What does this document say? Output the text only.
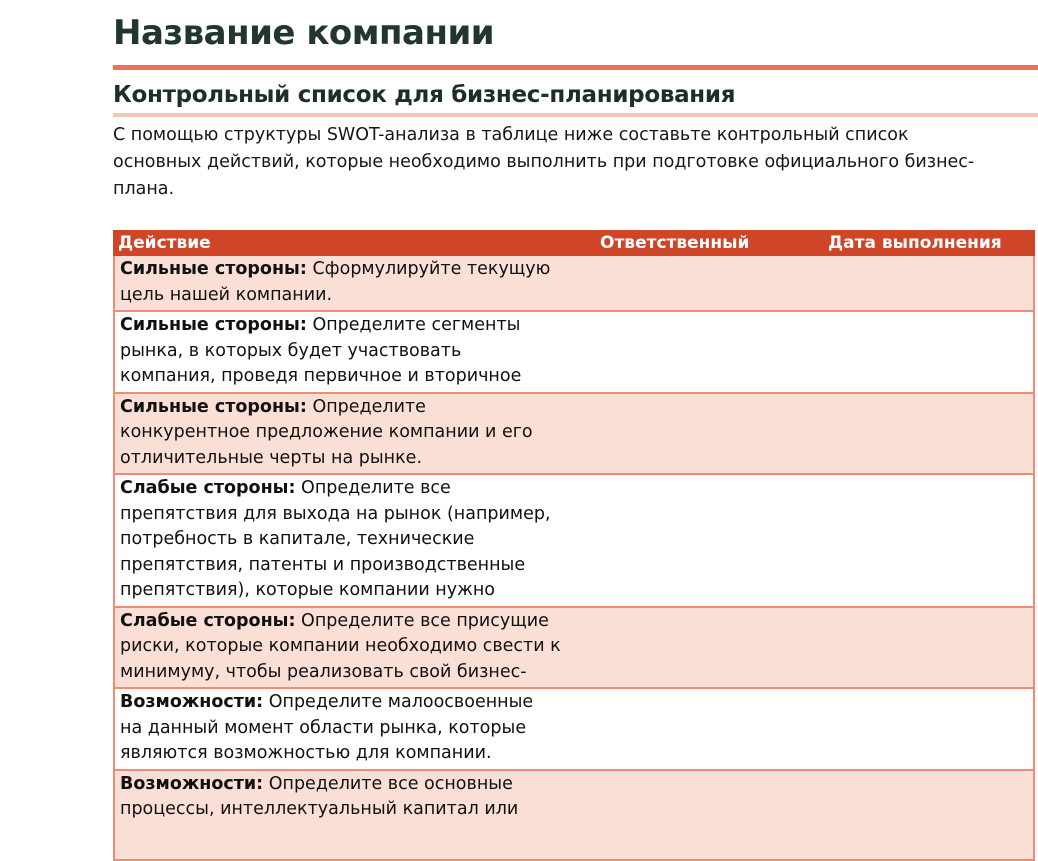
Название компании
Контрольный список для бизнес-планирования
С помощью структуры SWOT-анализа в таблице ниже составьте контрольный список основных действий, которые необходимо выполнить при подготовке официального бизнес-плана.
Действие	Ответственный	Дата выполнения
Сильные стороны: Сформулируйте текущую
цель нашей компании.
Сильные стороны: Определите сегменты
рынка, в которых будет участвовать
компания, проведя первичное и вторичное
Сильные стороны: Определите
конкурентное предложение компании и его
отличительные черты на рынке.
Слабые стороны: Определите все
препятствия для выхода на рынок (например,
потребность в капитале, технические
препятствия, патенты и производственные
препятствия), которые компании нужно
Слабые стороны: Определите все присущие
риски, которые компании необходимо свести к
минимуму, чтобы реализовать свой бизнес-
Возможности: Определите малоосвоенные
на данный момент области рынка, которые
являются возможностью для компании.
Возможности: Определите все основные
процессы, интеллектуальный капитал или
